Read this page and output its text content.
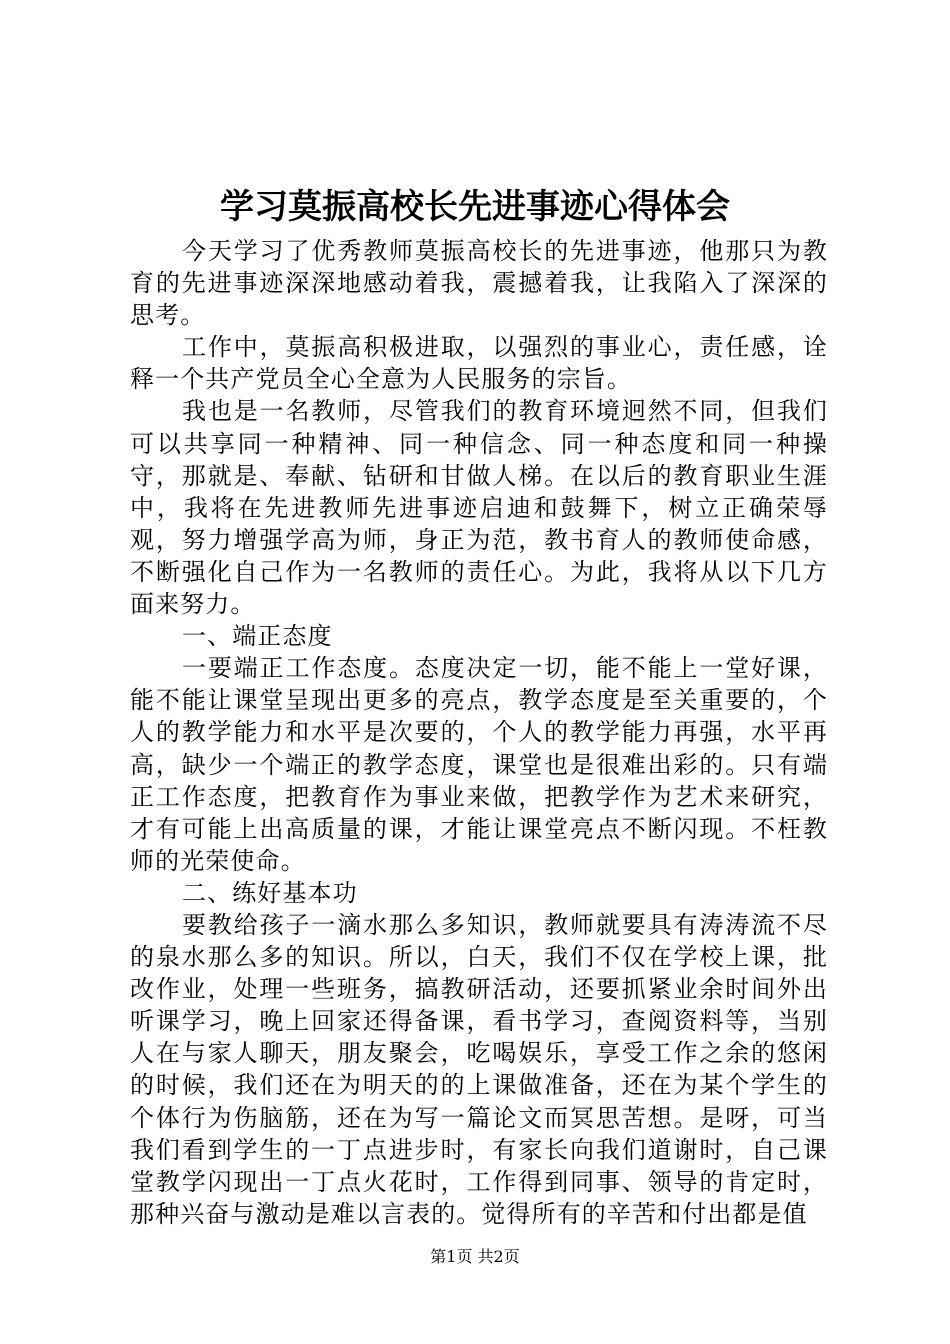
学习莫振高校长先进事迹心得体会

今天学习了优秀教师莫振高校长的先进事迹，他那只为教育的先进事迹深深地感动着我，震撼着我，让我陷入了深深的思考。

工作中，莫振高积极进取，以强烈的事业心，责任感，诠释一个共产党员全心全意为人民服务的宗旨。

我也是一名教师，尽管我们的教育环境迥然不同，但我们可以共享同一种精神、同一种信念、同一种态度和同一种操守，那就是、奉献、钻研和甘做人梯。在以后的教育职业生涯中，我将在先进教师先进事迹启迪和鼓舞下，树立正确荣辱观，努力增强学高为师，身正为范，教书育人的教师使命感，不断强化自己作为一名教师的责任心。为此，我将从以下几方面来努力。

一、端正态度

一要端正工作态度。态度决定一切，能不能上一堂好课，能不能让课堂呈现出更多的亮点，教学态度是至关重要的，个人的教学能力和水平是次要的，个人的教学能力再强，水平再高，缺少一个端正的教学态度，课堂也是很难出彩的。只有端正工作态度，把教育作为事业来做，把教学作为艺术来研究，才有可能上出高质量的课，才能让课堂亮点不断闪现。不枉教师的光荣使命。

二、练好基本功

要教给孩子一滴水那么多知识，教师就要具有涛涛流不尽的泉水那么多的知识。所以，白天，我们不仅在学校上课，批改作业，处理一些班务，搞教研活动，还要抓紧业余时间外出听课学习，晚上回家还得备课，看书学习，查阅资料等，当别人在与家人聊天，朋友聚会，吃喝娱乐，享受工作之余的悠闲的时候，我们还在为明天的的上课做准备，还在为某个学生的个体行为伤脑筋，还在为写一篇论文而冥思苦想。是呀，可当我们看到学生的一丁点进步时，有家长向我们道谢时，自己课堂教学闪现出一丁点火花时，工作得到同事、领导的肯定时，那种兴奋与激动是难以言表的。觉得所有的辛苦和付出都是值

第1页 共2页
